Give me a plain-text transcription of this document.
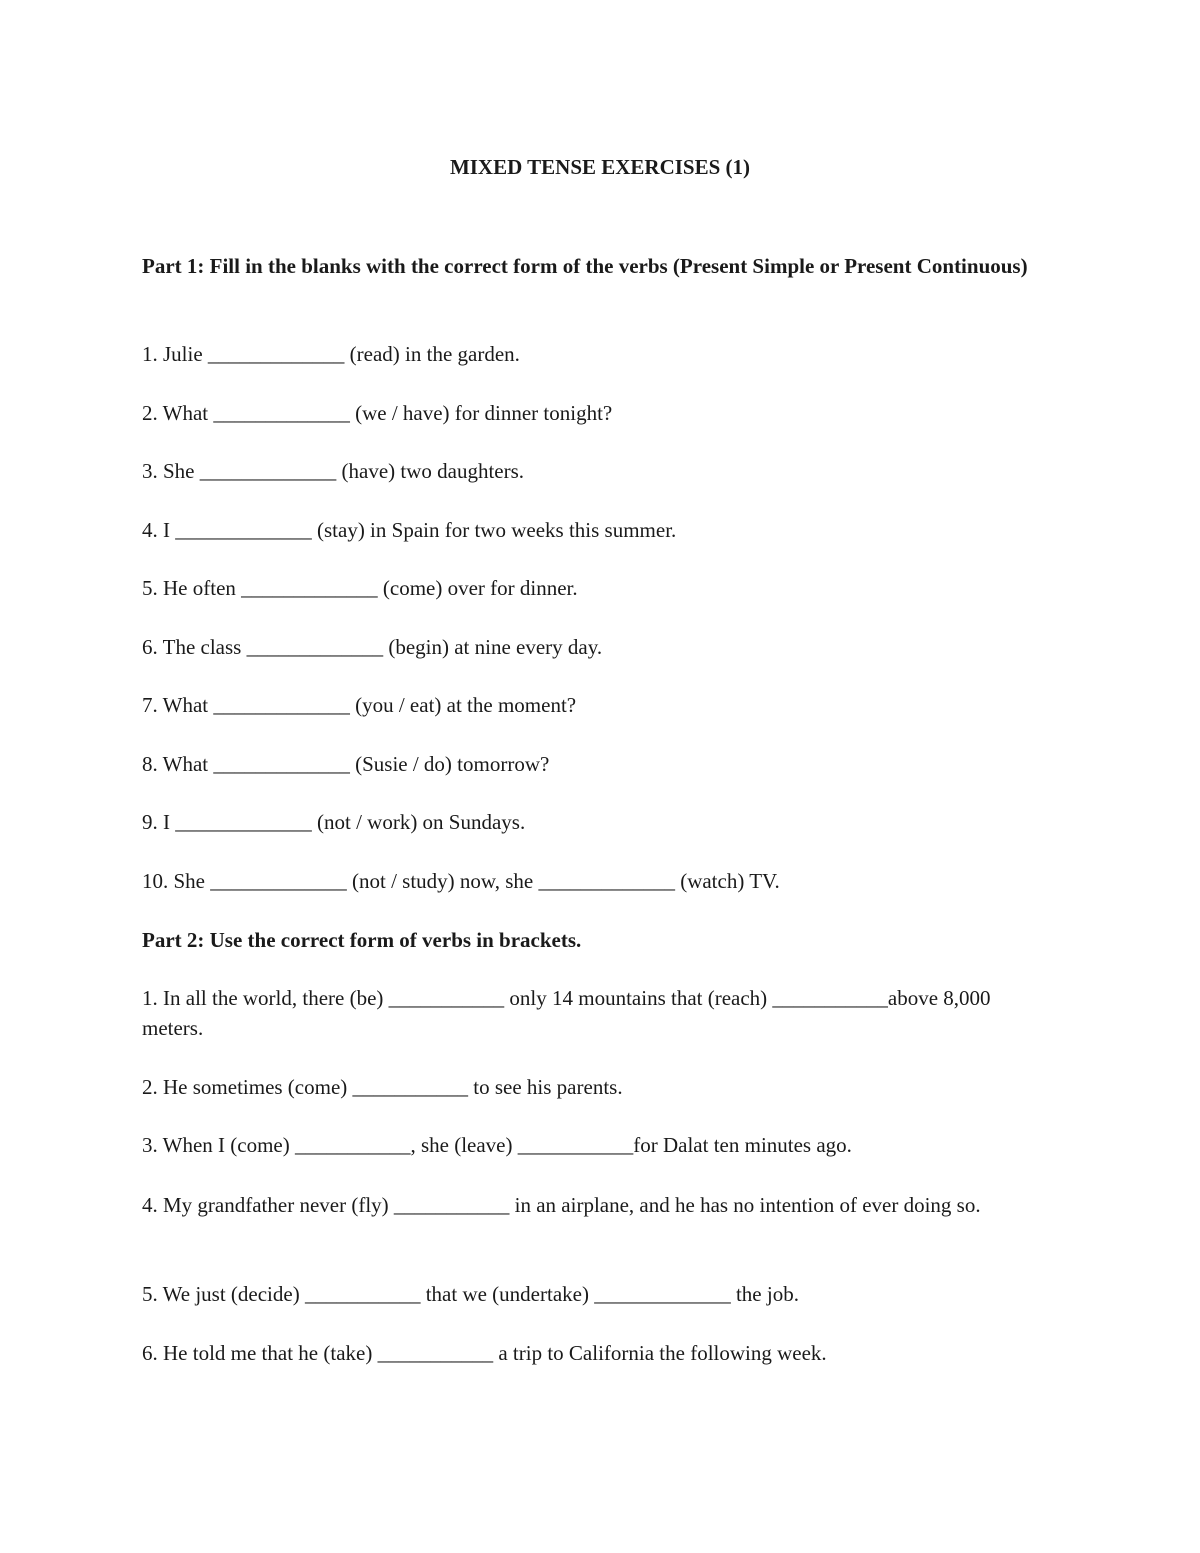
MIXED TENSE EXERCISES (1)
Part 1: Fill in the blanks with the correct form of the verbs (Present Simple or Present Continuous)
1. Julie _____________ (read) in the garden.
2. What _____________ (we / have) for dinner tonight?
3. She _____________ (have) two daughters.
4. I _____________ (stay) in Spain for two weeks this summer.
5. He often _____________ (come) over for dinner.
6. The class _____________ (begin) at nine every day.
7. What _____________ (you / eat) at the moment?
8. What _____________ (Susie / do) tomorrow?
9. I _____________ (not / work) on Sundays.
10. She _____________ (not / study) now, she _____________ (watch) TV.
Part 2: Use the correct form of verbs in brackets.
1. In all the world, there (be) ___________ only 14 mountains that (reach) ___________above 8,000 meters.
2. He sometimes (come) ___________ to see his parents.
3. When I (come) ___________, she (leave) ___________for Dalat ten minutes ago.
4. My grandfather never (fly) ___________ in an airplane, and he has no intention of ever doing so.
5. We just (decide) ___________ that we (undertake) _____________ the job.
6. He told me that he (take) ___________ a trip to California the following week.
